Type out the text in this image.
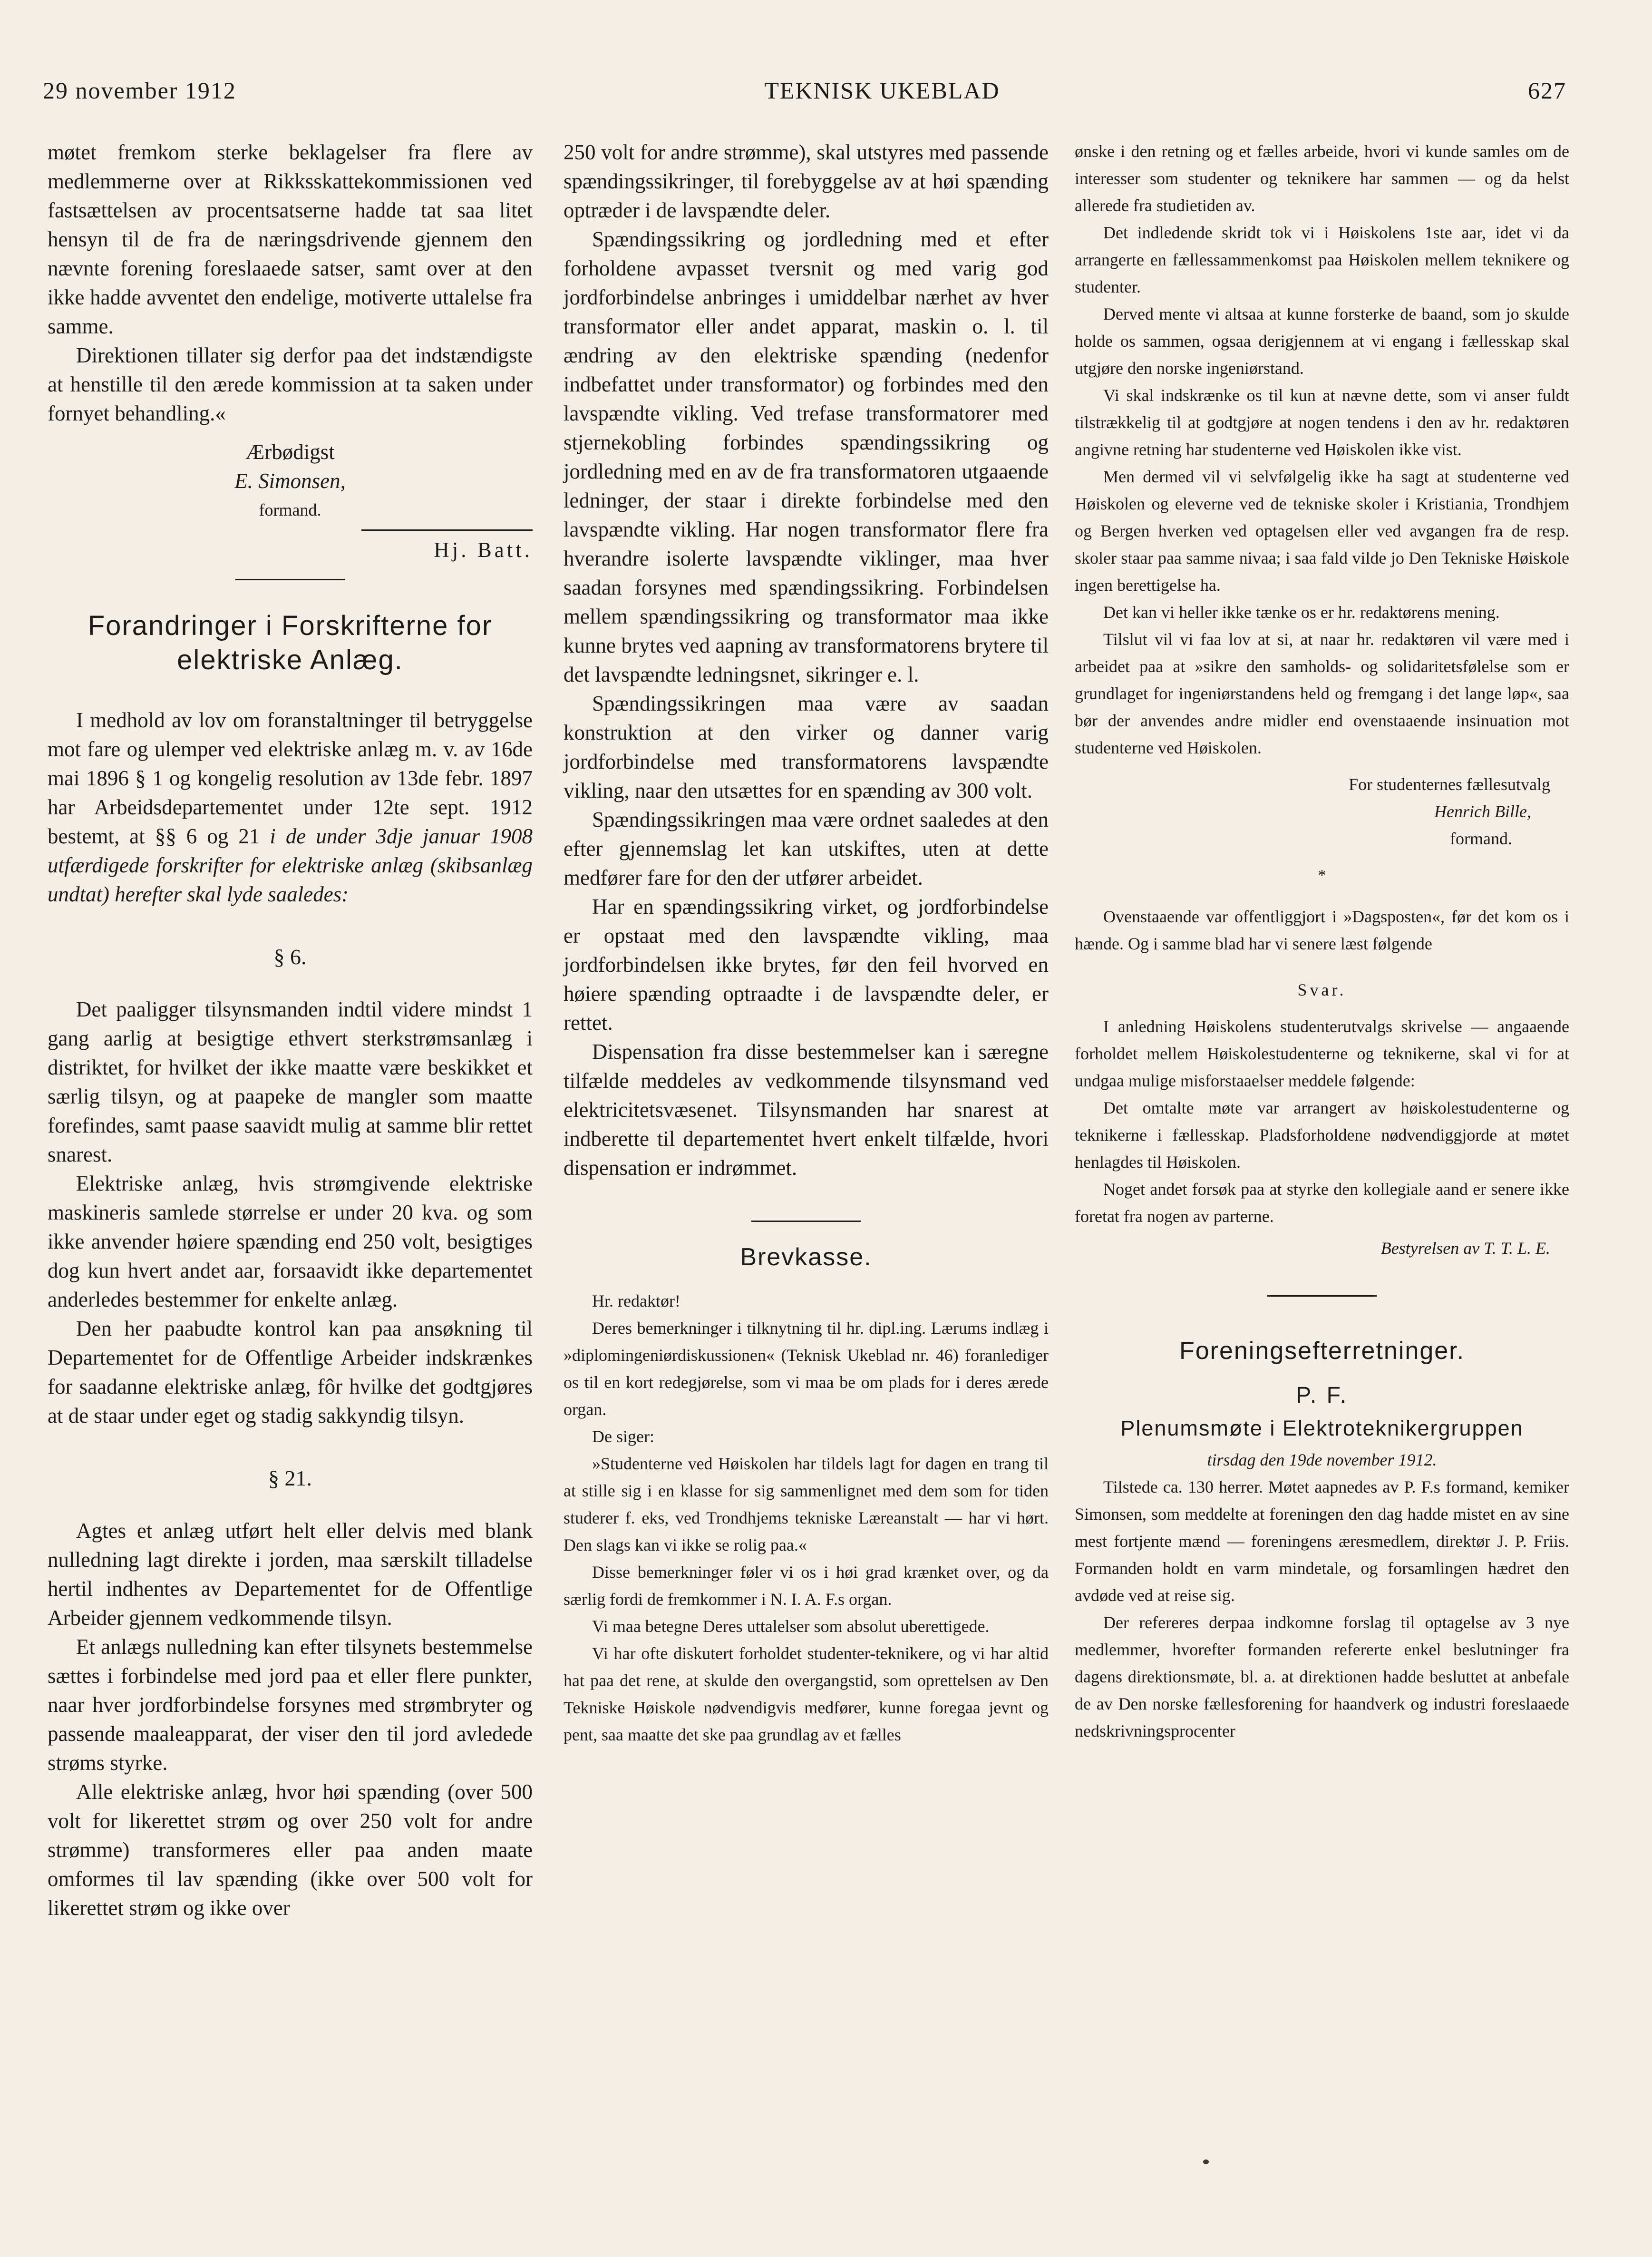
29 november 1912	TEKNISK UKEBLAD	627

møtet fremkom sterke beklagelser fra flere av medlemmerne over at Rikksskattekommissionen ved fastsættelsen av procentsatserne hadde tat saa litet hensyn til de fra de næringsdrivende gjennem den nævnte forening foreslaaede satser, samt over at den ikke hadde avventet den endelige, motiverte uttalelse fra samme.

Direktionen tillater sig derfor paa det indstændigste at henstille til den ærede kommission at ta saken under fornyet behandling.«

Ærbødigst

E. Simonsen,

formand.

Hj. Batt.

Forandringer i Forskrifterne for elektriske Anlæg.

I medhold av lov om foranstaltninger til betryggelse mot fare og ulemper ved elektriske anlæg m. v. av 16de mai 1896 § 1 og kongelig resolution av 13de febr. 1897 har Arbeidsdepartementet under 12te sept. 1912 bestemt, at §§ 6 og 21 i de under 3dje januar 1908 utfærdigede forskrifter for elektriske anlæg (skibsanlæg undtat) herefter skal lyde saaledes:

§ 6.

Det paaligger tilsynsmanden indtil videre mindst 1 gang aarlig at besigtige ethvert sterkstrømsanlæg i distriktet, for hvilket der ikke maatte være beskikket et særlig tilsyn, og at paapeke de mangler som maatte forefindes, samt paase saavidt mulig at samme blir rettet snarest.

Elektriske anlæg, hvis strømgivende elektriske maskineris samlede størrelse er under 20 kva. og som ikke anvender høiere spænding end 250 volt, besigtiges dog kun hvert andet aar, forsaavidt ikke departementet anderledes bestemmer for enkelte anlæg.

Den her paabudte kontrol kan paa ansøkning til Departementet for de Offentlige Arbeider indskrænkes for saadanne elektriske anlæg, fôr hvilke det godtgjøres at de staar under eget og stadig sakkyndig tilsyn.

§ 21.

Agtes et anlæg utført helt eller delvis med blank nulledning lagt direkte i jorden, maa særskilt tilladelse hertil indhentes av Departementet for de Offentlige Arbeider gjennem vedkommende tilsyn.

Et anlægs nulledning kan efter tilsynets bestemmelse sættes i forbindelse med jord paa et eller flere punkter, naar hver jordforbindelse forsynes med strømbryter og passende maaleapparat, der viser den til jord avledede strøms styrke.

Alle elektriske anlæg, hvor høi spænding (over 500 volt for likerettet strøm og over 250 volt for andre strømme) transformeres eller paa anden maate omformes til lav spænding (ikke over 500 volt for likerettet strøm og ikke over

250 volt for andre strømme), skal utstyres med passende spændingssikringer, til forebyggelse av at høi spænding optræder i de lavspændte deler.

Spændingssikring og jordledning med et efter forholdene avpasset tversnit og med varig god jordforbindelse anbringes i umiddelbar nærhet av hver transformator eller andet apparat, maskin o. l. til ændring av den elektriske spænding (nedenfor indbefattet under transformator) og forbindes med den lavspændte vikling. Ved trefase transformatorer med stjernekobling forbindes spændingssikring og jordledning med en av de fra transformatoren utgaaende ledninger, der staar i direkte forbindelse med den lavspændte vikling. Har nogen transformator flere fra hverandre isolerte lavspændte viklinger, maa hver saadan forsynes med spændingssikring. Forbindelsen mellem spændingssikring og transformator maa ikke kunne brytes ved aapning av transformatorens brytere til det lavspændte ledningsnet, sikringer e. l.

Spændingssikringen maa være av saadan konstruktion at den virker og danner varig jordforbindelse med transformatorens lavspændte vikling, naar den utsættes for en spænding av 300 volt.

Spændingssikringen maa være ordnet saaledes at den efter gjennemslag let kan utskiftes, uten at dette medfører fare for den der utfører arbeidet.

Har en spændingssikring virket, og jordforbindelse er opstaat med den lavspændte vikling, maa jordforbindelsen ikke brytes, før den feil hvorved en høiere spænding optraadte i de lavspændte deler, er rettet.

Dispensation fra disse bestemmelser kan i særegne tilfælde meddeles av vedkommende tilsynsmand ved elektricitetsvæsenet. Tilsynsmanden har snarest at indberette til departementet hvert enkelt tilfælde, hvori dispensation er indrømmet.

Brevkasse.

Hr. redaktør!

Deres bemerkninger i tilknytning til hr. dipl.ing. Lærums indlæg i »diplomingeniørdiskussionen« (Teknisk Ukeblad nr. 46) foranlediger os til en kort redegjørelse, som vi maa be om plads for i deres ærede organ.

De siger:

»Studenterne ved Høiskolen har tildels lagt for dagen en trang til at stille sig i en klasse for sig sammenlignet med dem som for tiden studerer f. eks, ved Trondhjems tekniske Læreanstalt — har vi hørt. Den slags kan vi ikke se rolig paa.«

Disse bemerkninger føler vi os i høi grad krænket over, og da særlig fordi de fremkommer i N. I. A. F.s organ.

Vi maa betegne Deres uttalelser som absolut uberettigede.

Vi har ofte diskutert forholdet studenter-teknikere, og vi har altid hat paa det rene, at skulde den overgangstid, som oprettelsen av Den Tekniske Høiskole nødvendigvis medfører, kunne foregaa jevnt og pent, saa maatte det ske paa grundlag av et fælles

ønske i den retning og et fælles arbeide, hvori vi kunde samles om de interesser som studenter og teknikere har sammen — og da helst allerede fra studietiden av.

Det indledende skridt tok vi i Høiskolens 1ste aar, idet vi da arrangerte en fællessammenkomst paa Høiskolen mellem teknikere og studenter.

Derved mente vi altsaa at kunne forsterke de baand, som jo skulde holde os sammen, ogsaa derigjennem at vi engang i fællesskap skal utgjøre den norske ingeniørstand.

Vi skal indskrænke os til kun at nævne dette, som vi anser fuldt tilstrækkelig til at godtgjøre at nogen tendens i den av hr. redaktøren angivne retning har studenterne ved Høiskolen ikke vist.

Men dermed vil vi selvfølgelig ikke ha sagt at studenterne ved Høiskolen og eleverne ved de tekniske skoler i Kristiania, Trondhjem og Bergen hverken ved optagelsen eller ved avgangen fra de resp. skoler staar paa samme nivaa; i saa fald vilde jo Den Tekniske Høiskole ingen berettigelse ha.

Det kan vi heller ikke tænke os er hr. redaktørens mening.

Tilslut vil vi faa lov at si, at naar hr. redaktøren vil være med i arbeidet paa at »sikre den samholds- og solidaritetsfølelse som er grundlaget for ingeniørstandens held og fremgang i det lange løp«, saa bør der anvendes andre midler end ovenstaaende insinuation mot studenterne ved Høiskolen.

For studenternes fællesutvalg

Henrich Bille,

formand.

*

Ovenstaaende var offentliggjort i »Dagsposten«, før det kom os i hænde. Og i samme blad har vi senere læst følgende

Svar.

I anledning Høiskolens studenterutvalgs skrivelse — angaaende forholdet mellem Høiskolestudenterne og teknikerne, skal vi for at undgaa mulige misforstaaelser meddele følgende:

Det omtalte møte var arrangert av høiskolestudenterne og teknikerne i fællesskap. Pladsforholdene nødvendiggjorde at møtet henlagdes til Høiskolen.

Noget andet forsøk paa at styrke den kollegiale aand er senere ikke foretat fra nogen av parterne.

Bestyrelsen av T. T. L. E.

Foreningsefterretninger.
P. F.
Plenumsmøte i Elektroteknikergruppen

tirsdag den 19de november 1912.

Tilstede ca. 130 herrer. Møtet aapnedes av P. F.s formand, kemiker Simonsen, som meddelte at foreningen den dag hadde mistet en av sine mest fortjente mænd — foreningens æresmedlem, direktør J. P. Friis. Formanden holdt en varm mindetale, og forsamlingen hædret den avdøde ved at reise sig.

Der refereres derpaa indkomne forslag til optagelse av 3 nye medlemmer, hvorefter formanden refererte enkel beslutninger fra dagens direktionsmøte, bl. a. at direktionen hadde besluttet at anbefale de av Den norske fællesforening for haandverk og industri foreslaaede nedskrivningsprocenter
